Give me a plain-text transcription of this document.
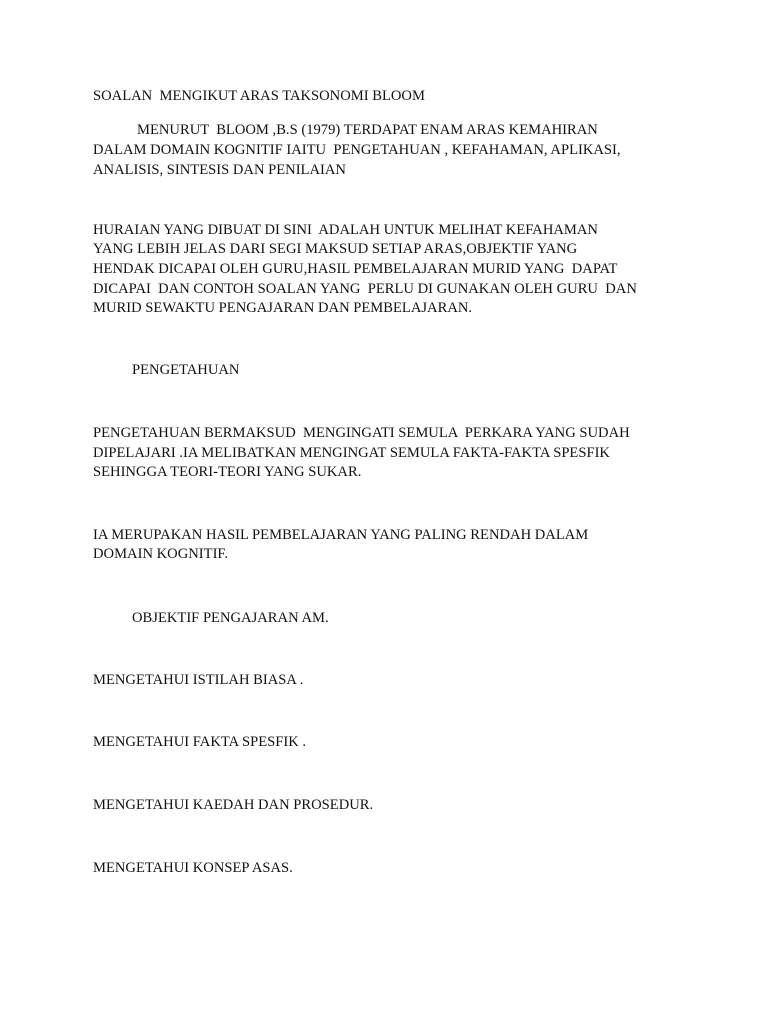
SOALAN  MENGIKUT ARAS TAKSONOMI BLOOM

MENURUT  BLOOM ,B.S (1979) TERDAPAT ENAM ARAS KEMAHIRAN

DALAM DOMAIN KOGNITIF IAITU  PENGETAHUAN , KEFAHAMAN, APLIKASI,

ANALISIS, SINTESIS DAN PENILAIAN

HURAIAN YANG DIBUAT DI SINI  ADALAH UNTUK MELIHAT KEFAHAMAN

YANG LEBIH JELAS DARI SEGI MAKSUD SETIAP ARAS,OBJEKTIF YANG

HENDAK DICAPAI OLEH GURU,HASIL PEMBELAJARAN MURID YANG  DAPAT

DICAPAI  DAN CONTOH SOALAN YANG  PERLU DI GUNAKAN OLEH GURU  DAN

MURID SEWAKTU PENGAJARAN DAN PEMBELAJARAN.

PENGETAHUAN

PENGETAHUAN BERMAKSUD  MENGINGATI SEMULA  PERKARA YANG SUDAH

DIPELAJARI .IA MELIBATKAN MENGINGAT SEMULA FAKTA-FAKTA SPESFIK

SEHINGGA TEORI-TEORI YANG SUKAR.

IA MERUPAKAN HASIL PEMBELAJARAN YANG PALING RENDAH DALAM

DOMAIN KOGNITIF.

OBJEKTIF PENGAJARAN AM.

MENGETAHUI ISTILAH BIASA .

MENGETAHUI FAKTA SPESFIK .

MENGETAHUI KAEDAH DAN PROSEDUR.

MENGETAHUI KONSEP ASAS.
